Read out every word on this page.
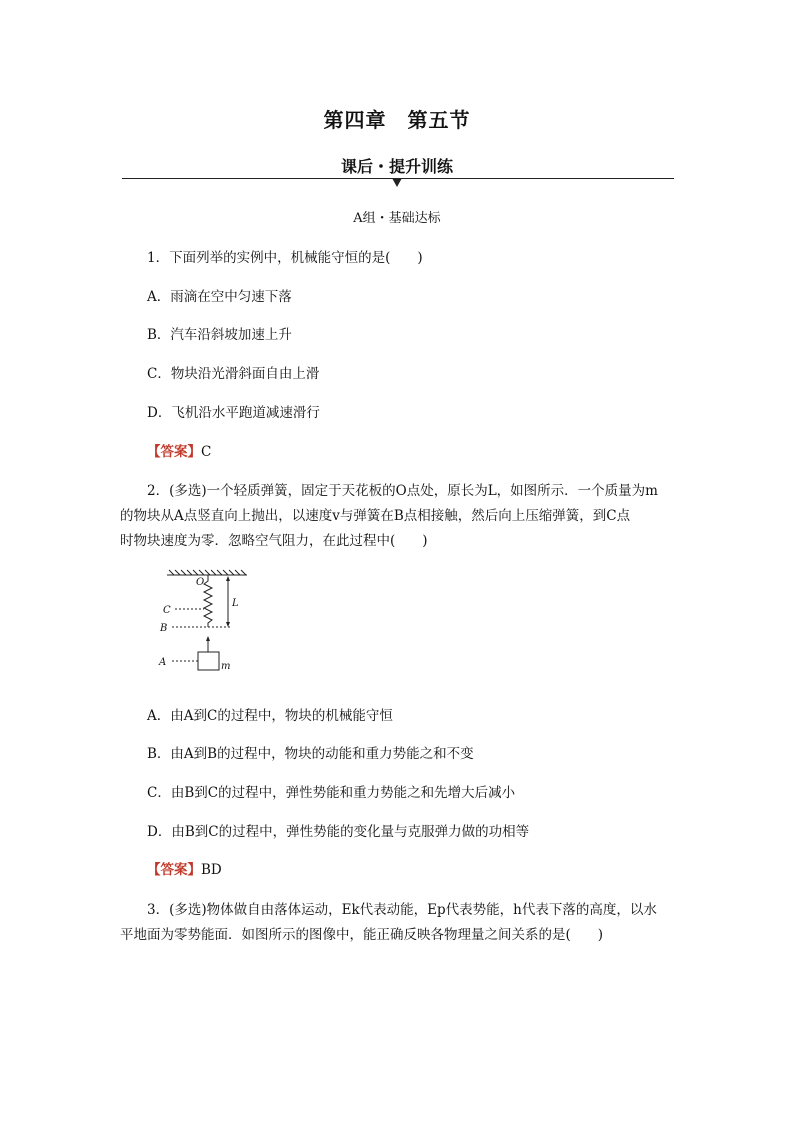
第四章　第五节
课后・提升训练
A组・基础达标
1．下面列举的实例中，机械能守恒的是(　　)
A．雨滴在空中匀速下落
B．汽车沿斜坡加速上升
C．物块沿光滑斜面自由上滑
D．飞机沿水平跑道减速滑行
【答案】C
2．(多选)一个轻质弹簧，固定于天花板的O点处，原长为L，如图所示．一个质量为m
的物块从A点竖直向上抛出，以速度v与弹簧在B点相接触，然后向上压缩弹簧，到C点
时物块速度为零．忽略空气阻力，在此过程中(　　)
O
L
C
B
A	m
A．由A到C的过程中，物块的机械能守恒
B．由A到B的过程中，物块的动能和重力势能之和不变
C．由B到C的过程中，弹性势能和重力势能之和先增大后减小
D．由B到C的过程中，弹性势能的变化量与克服弹力做的功相等
【答案】BD
3．(多选)物体做自由落体运动，Ek代表动能，Ep代表势能，h代表下落的高度，以水
平地面为零势能面．如图所示的图像中，能正确反映各物理量之间关系的是(　　)
